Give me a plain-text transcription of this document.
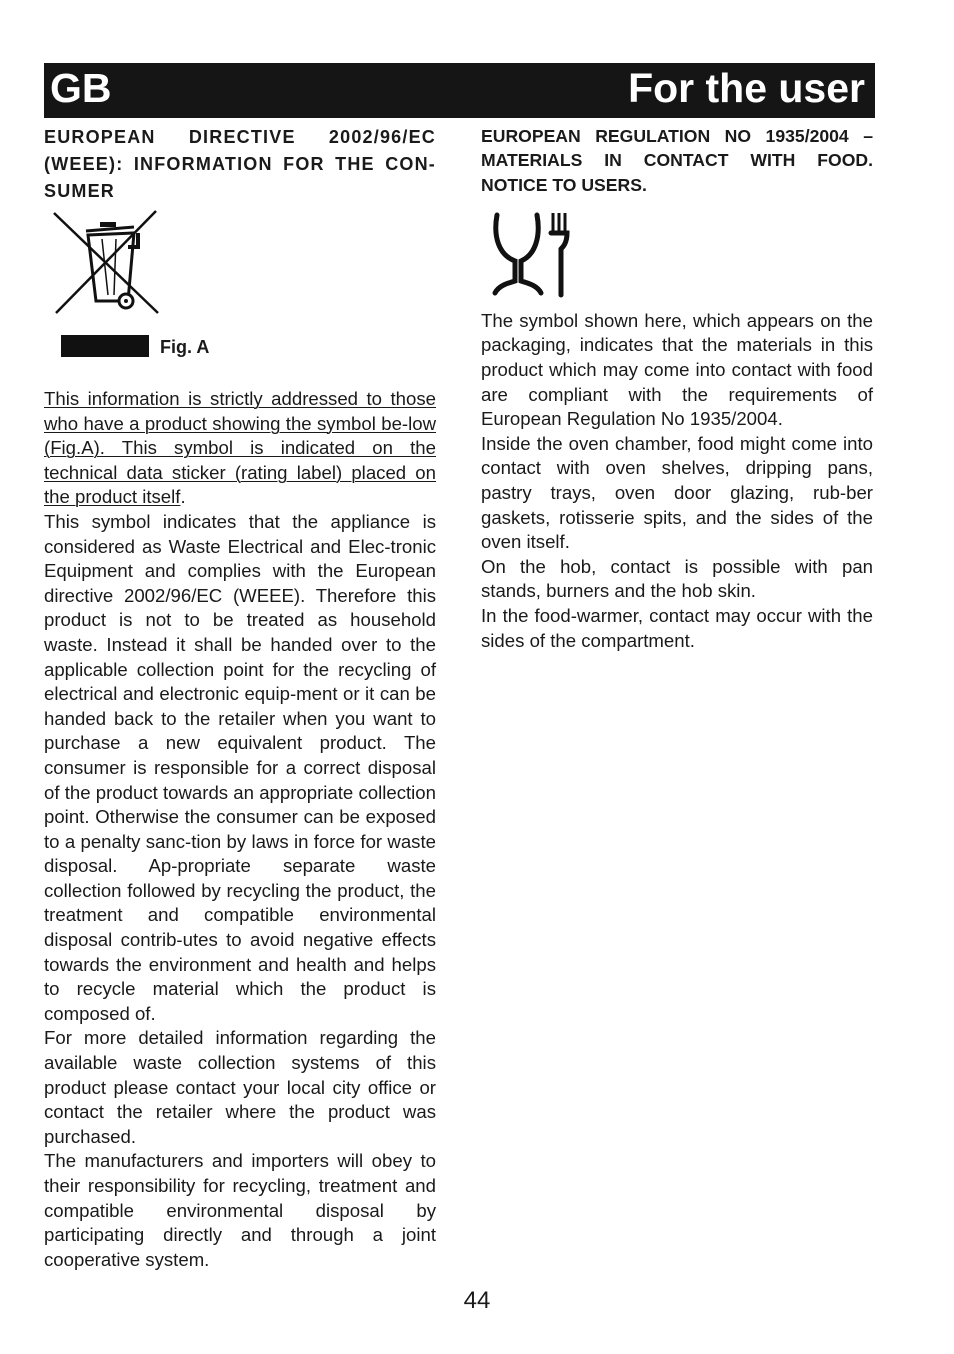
GB	For the user

EUROPEAN DIRECTIVE 2002/96/EC (WEEE): INFORMATION FOR THE CON-SUMER

Fig. A
This information is strictly addressed to those who have a product showing the symbol be-low (Fig.A). This symbol is indicated on the technical data sticker (rating label) placed on the product itself.

This symbol indicates that the appliance is considered as Waste Electrical and Elec-tronic Equipment and complies with the European directive 2002/96/EC (WEEE). Therefore this product is not to be treated as household waste. Instead it shall be handed over to the applicable collection point for the recycling of electrical and electronic equip-ment or it can be handed back to the retailer when you want to purchase a new equivalent product. The consumer is responsible for a correct disposal of the product towards an appropriate collection point. Otherwise the consumer can be exposed to a penalty sanc-tion by laws in force for waste disposal. Ap-propriate separate waste collection followed by recycling the product, the treatment and compatible environmental disposal contrib-utes to avoid negative effects towards the environment and health and helps to recycle material which the product is composed of.

For more detailed information regarding the available waste collection systems of this product please contact your local city office or contact the retailer where the product was purchased.

The manufacturers and importers will obey to their responsibility for recycling, treatment and compatible environmental disposal by participating directly and through a joint cooperative system.

EUROPEAN REGULATION NO 1935/2004 – MATERIALS IN CONTACT WITH FOOD. NOTICE TO USERS.

The symbol shown here, which appears on the packaging, indicates that the materials in this product which may come into contact with food are compliant with the requirements of European Regulation No 1935/2004.

Inside the oven chamber, food might come into contact with oven shelves, dripping pans, pastry trays, oven door glazing, rub-ber gaskets, rotisserie spits, and the sides of the oven itself.

On the hob, contact is possible with pan stands, burners and the hob skin.

In the food-warmer, contact may occur with the sides of the compartment.

44
